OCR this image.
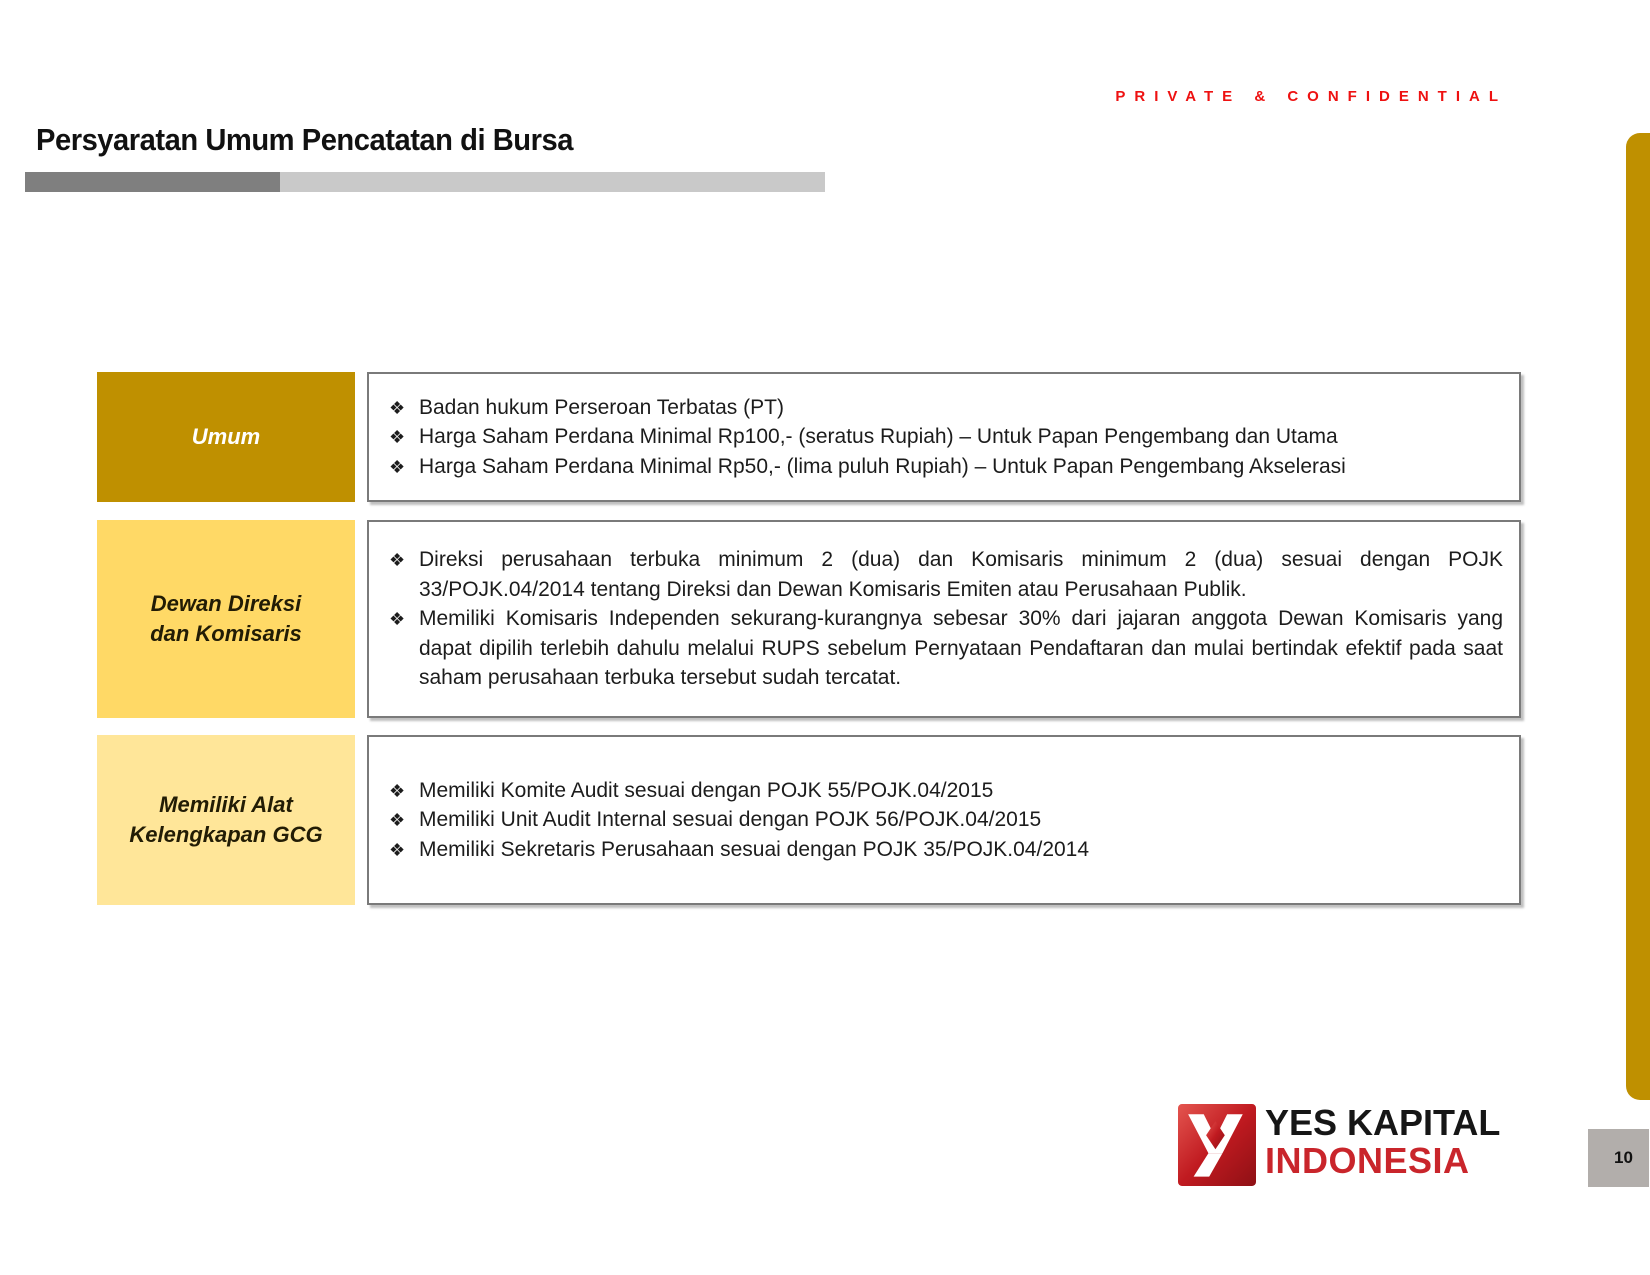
PRIVATE & CONFIDENTIAL
Persyaratan Umum Pencatatan di Bursa
Umum
❖ Badan hukum Perseroan Terbatas (PT)
❖ Harga Saham Perdana Minimal Rp100,- (seratus Rupiah) – Untuk Papan Pengembang dan Utama
❖ Harga Saham Perdana Minimal Rp50,- (lima puluh Rupiah) – Untuk Papan Pengembang Akselerasi
Dewan Direksi
dan Komisaris
❖ Direksi perusahaan terbuka minimum 2 (dua) dan Komisaris minimum 2 (dua) sesuai dengan POJK 33/POJK.04/2014 tentang Direksi dan Dewan Komisaris Emiten atau Perusahaan Publik.
❖ Memiliki Komisaris Independen sekurang-kurangnya sebesar 30% dari jajaran anggota Dewan Komisaris yang dapat dipilih terlebih dahulu melalui RUPS sebelum Pernyataan Pendaftaran dan mulai bertindak efektif pada saat saham perusahaan terbuka tersebut sudah tercatat.
Memiliki Alat
Kelengkapan GCG
❖ Memiliki Komite Audit sesuai dengan POJK 55/POJK.04/2015
❖ Memiliki Unit Audit Internal sesuai dengan POJK 56/POJK.04/2015
❖ Memiliki Sekretaris Perusahaan sesuai dengan POJK 35/POJK.04/2014
YES KAPITAL
INDONESIA	10
